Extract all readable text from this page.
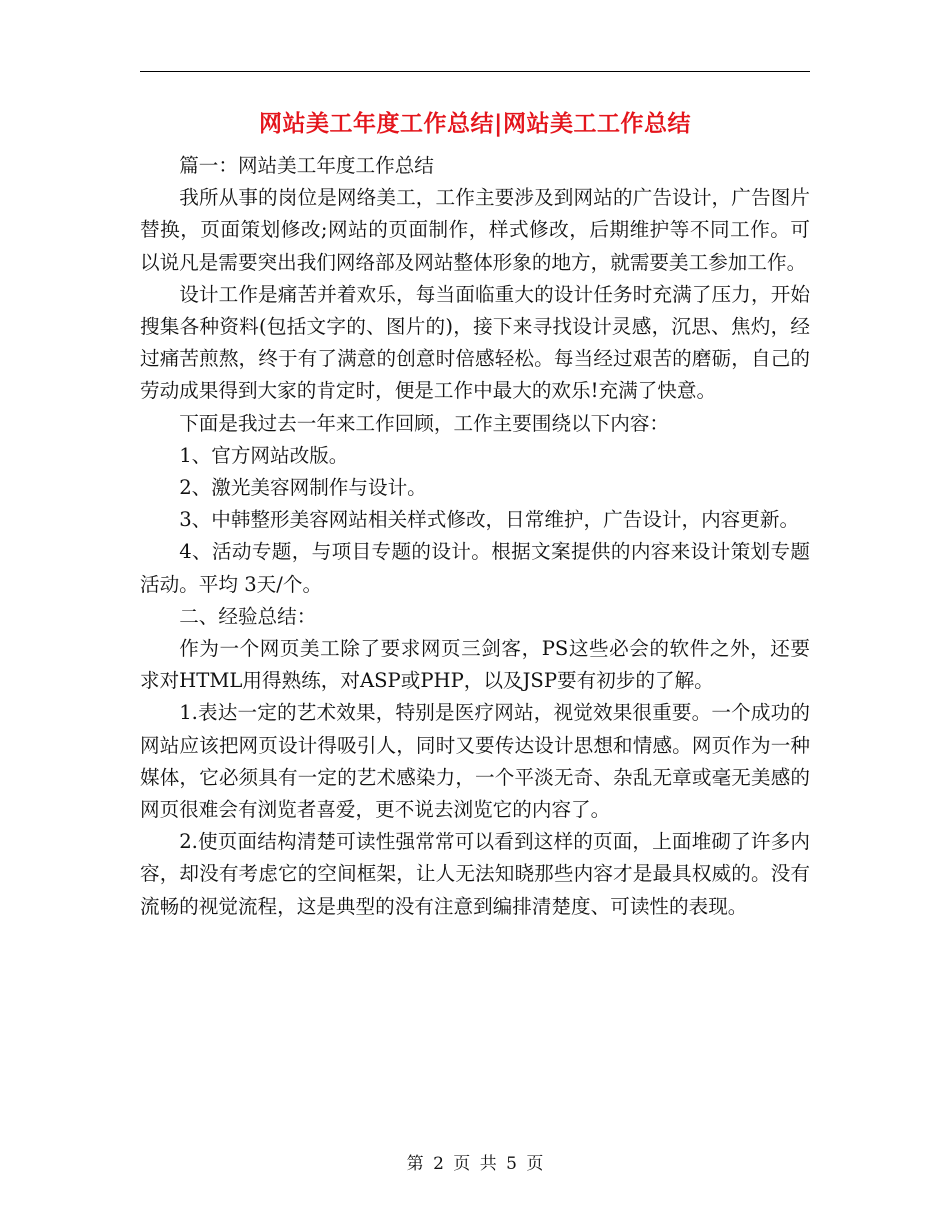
网站美工年度工作总结|网站美工工作总结

篇一：网站美工年度工作总结

我所从事的岗位是网络美工，工作主要涉及到网站的广告设计，广告图片替换，页面策划修改;网站的页面制作，样式修改，后期维护等不同工作。可以说凡是需要突出我们网络部及网站整体形象的地方，就需要美工参加工作。

设计工作是痛苦并着欢乐，每当面临重大的设计任务时充满了压力，开始搜集各种资料(包括文字的、图片的)，接下来寻找设计灵感，沉思、焦灼，经过痛苦煎熬，终于有了满意的创意时倍感轻松。每当经过艰苦的磨砺，自己的劳动成果得到大家的肯定时，便是工作中最大的欢乐!充满了快意。

下面是我过去一年来工作回顾，工作主要围绕以下内容：

1、官方网站改版。

2、激光美容网制作与设计。

3、中韩整形美容网站相关样式修改，日常维护，广告设计，内容更新。

4、活动专题，与项目专题的设计。根据文案提供的内容来设计策划专题活动。平均 3天/个。

二、经验总结：

作为一个网页美工除了要求网页三剑客，PS这些必会的软件之外，还要求对HTML用得熟练，对ASP或PHP，以及JSP要有初步的了解。

1.表达一定的艺术效果，特别是医疗网站，视觉效果很重要。一个成功的网站应该把网页设计得吸引人，同时又要传达设计思想和情感。网页作为一种媒体，它必须具有一定的艺术感染力，一个平淡无奇、杂乱无章或毫无美感的网页很难会有浏览者喜爱，更不说去浏览它的内容了。

2.使页面结构清楚可读性强常常可以看到这样的页面，上面堆砌了许多内容，却没有考虑它的空间框架，让人无法知晓那些内容才是最具权威的。没有流畅的视觉流程，这是典型的没有注意到编排清楚度、可读性的表现。

第 2 页 共 5 页
